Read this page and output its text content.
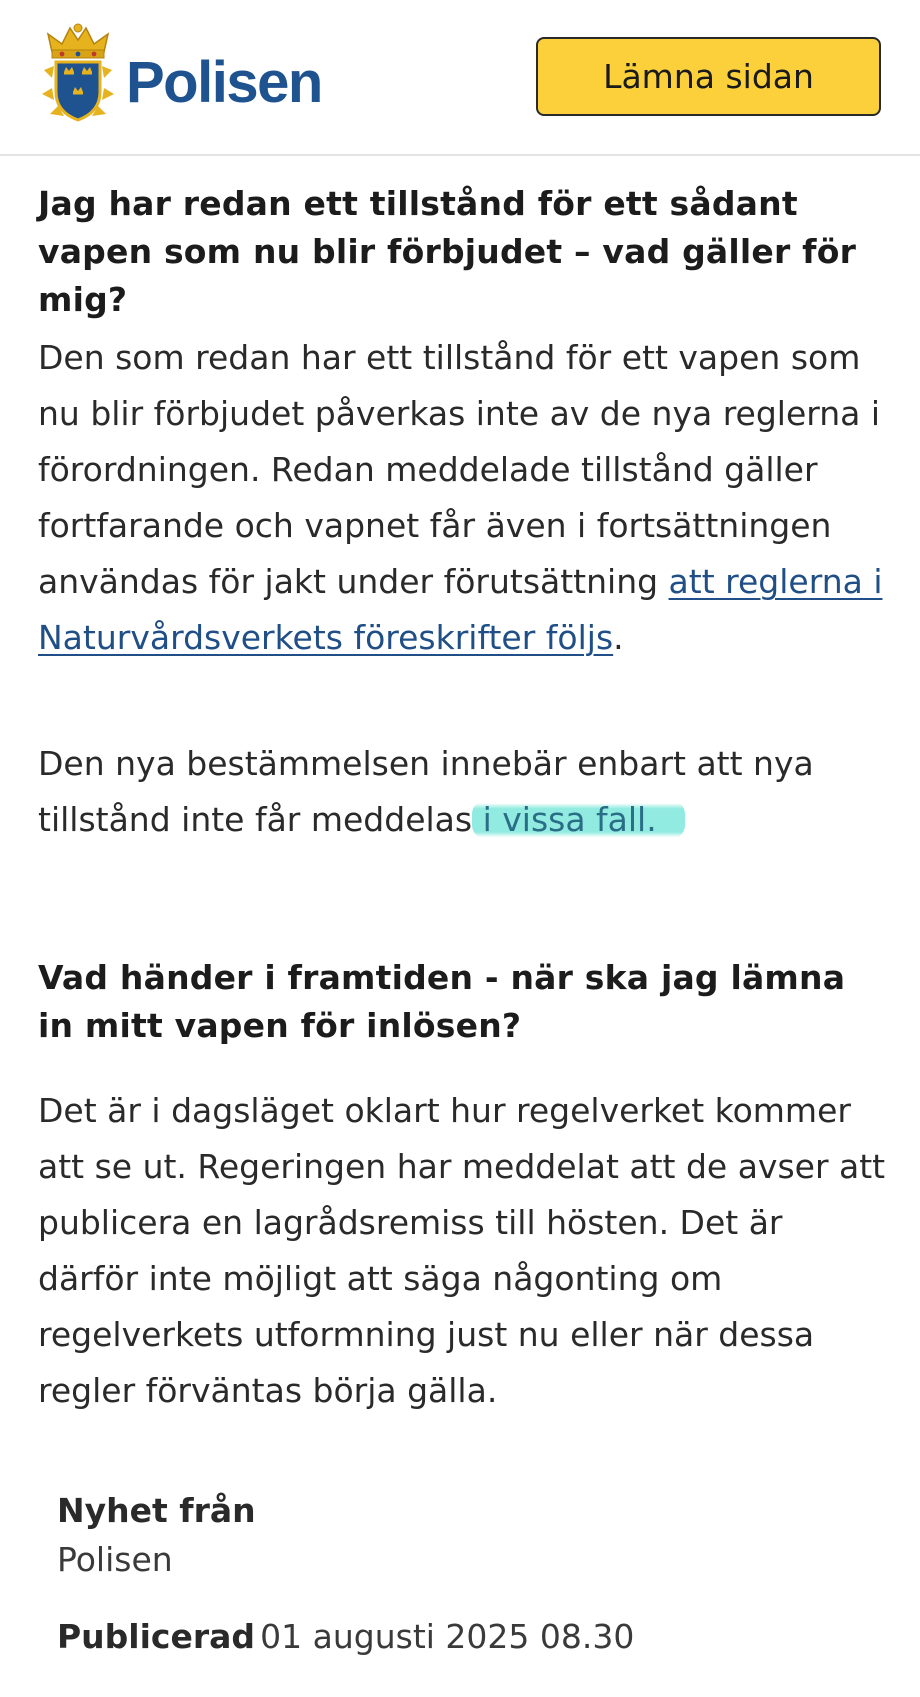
Polisen	Lämna sidan
Jag har redan ett tillstånd för ett sådant vapen som nu blir förbjudet – vad gäller för mig?

Den som redan har ett tillstånd för ett vapen som nu blir förbjudet påverkas inte av de nya reglerna i förordningen. Redan meddelade tillstånd gäller fortfarande och vapnet får även i fortsättningen användas för jakt under förutsättning att reglerna i Naturvårdsverkets föreskrifter följs.

Den nya bestämmelsen innebär enbart att nya tillstånd inte får meddelas i vissa fall.

Vad händer i framtiden - när ska jag lämna in mitt vapen för inlösen?

Det är i dagsläget oklart hur regelverket kommer att se ut. Regeringen har meddelat att de avser att publicera en lagrådsremiss till hösten. Det är därför inte möjligt att säga någonting om regelverkets utformning just nu eller när dessa regler förväntas börja gälla.

Nyhet från
Polisen
Publicerad 01 augusti 2025 08.30
